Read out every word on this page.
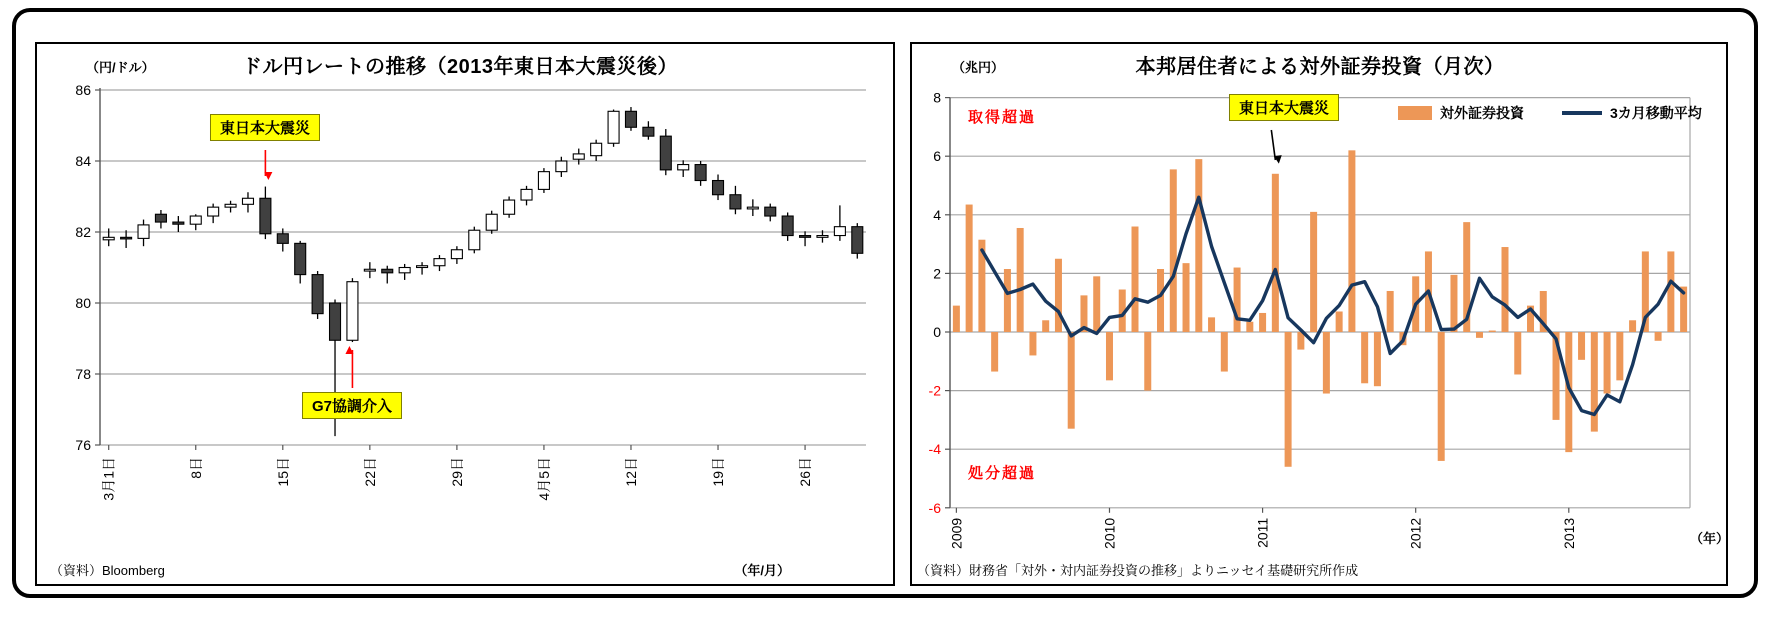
86
84
82
80
78
76
3月1日	8日	15日	22日	29日	4月5日	12日	19日	26日
8
6
4
2
0
-2
-4
-6
2009	2010	2011	2012	2013
（円/ドル）	ドル円レートの推移（2013年東日本大震災後）
東日本大震災
G7協調介入
（資料）Bloomberg	（年/月）
（兆円）	本邦居住者による対外証券投資（月次）
取得超過
処分超過
東日本大震災	対外証券投資	3カ月移動平均
（資料）財務省「対外・対内証券投資の推移」よりニッセイ基礎研究所作成
（年）
